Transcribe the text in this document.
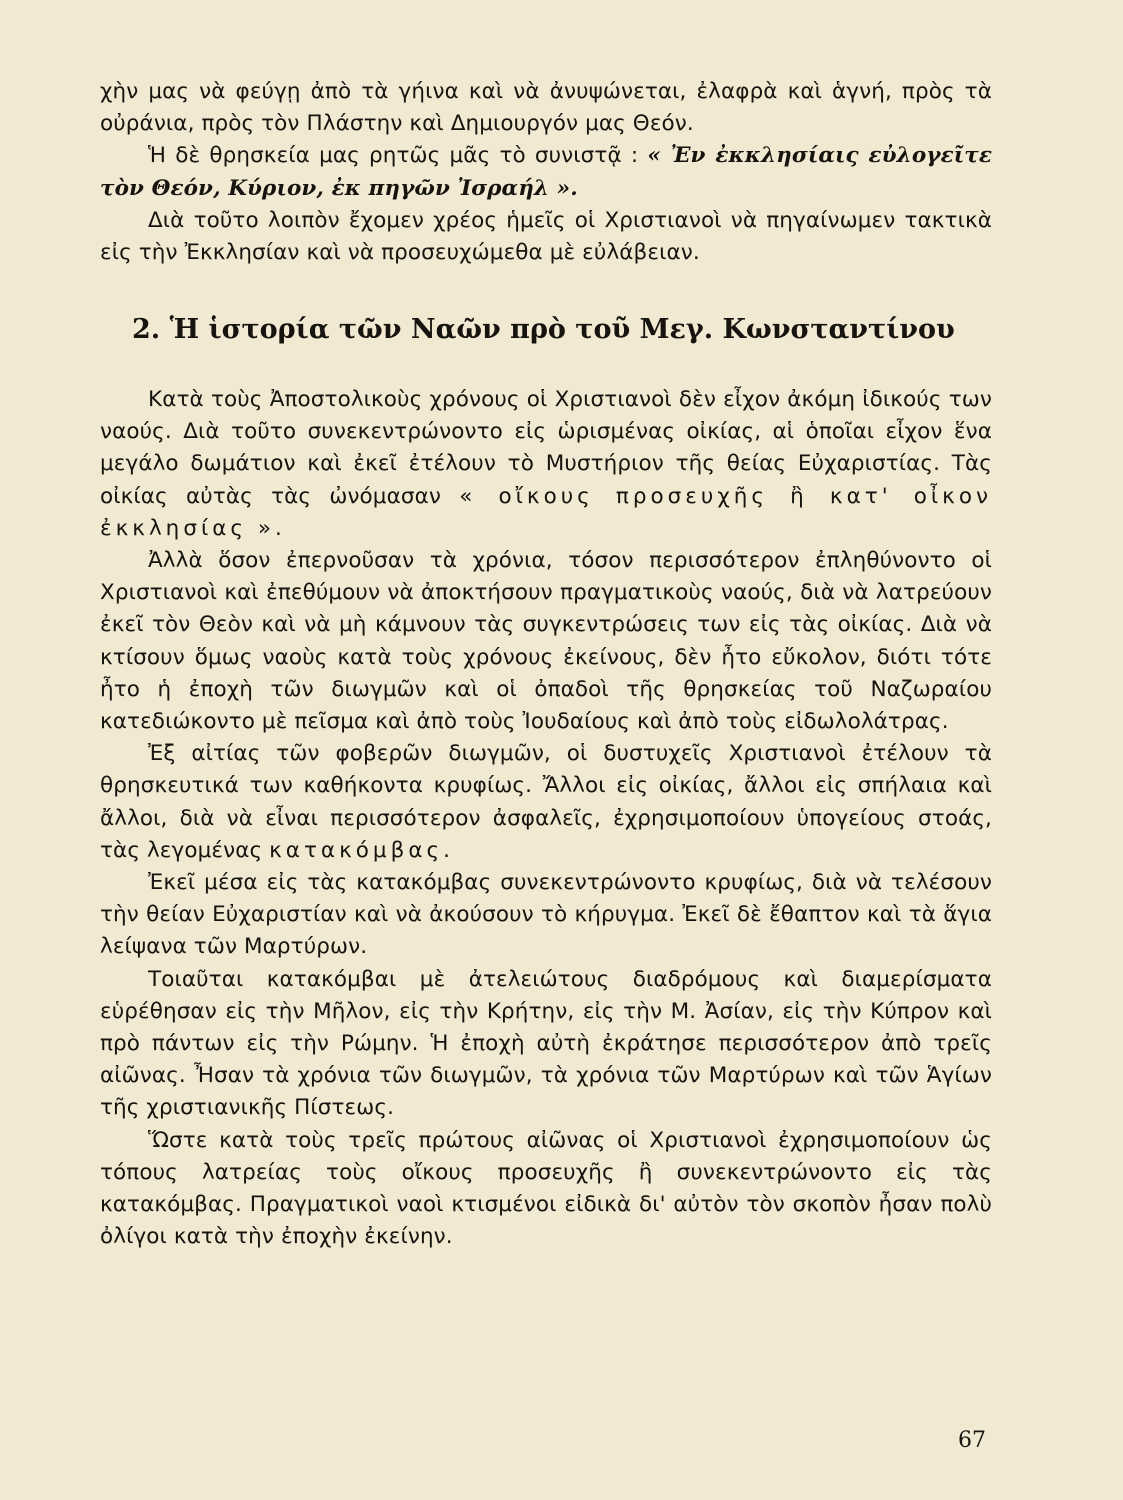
χὴν μας νὰ φεύγῃ ἀπὸ τὰ γήινα καὶ νὰ ἀνυψώνεται, ἐλαφρὰ καὶ ἁγνή, πρὸς τὰ οὐράνια, πρὸς τὸν Πλάστην καὶ Δημιουργόν μας Θεόν.

Ἡ δὲ θρησκεία μας ρητῶς μᾶς τὸ συνιστᾷ : « Ἐν ἐκκλησίαις εὐλογεῖτε τὸν Θεόν, Κύριον, ἐκ πηγῶν Ἰσραήλ ».

Διὰ τοῦτο λοιπὸν ἔχομεν χρέος ἡμεῖς οἱ Χριστιανοὶ νὰ πηγαίνωμεν τακτικὰ εἰς τὴν Ἐκκλησίαν καὶ νὰ προσευχώμεθα μὲ εὐλάβειαν.

2. Ἡ ἱστορία τῶν Ναῶν πρὸ τοῦ Μεγ. Κωνσταντίνου

Κατὰ τοὺς Ἀποστολικοὺς χρόνους οἱ Χριστιανοὶ δὲν εἶχον ἀκόμη ἰδικούς των ναούς. Διὰ τοῦτο συνεκεντρώνοντο εἰς ὡρισμένας οἰκίας, αἱ ὁποῖαι εἶχον ἕνα μεγάλο δωμάτιον καὶ ἐκεῖ ἐτέλουν τὸ Μυστήριον τῆς θείας Εὐχαριστίας. Τὰς οἰκίας αὐτὰς τὰς ὠνόμασαν « οἴκους προσευχῆς ἢ κατ' οἶκον ἐκκλησίας ».

Ἀλλὰ ὅσον ἐπερνοῦσαν τὰ χρόνια, τόσον περισσότερον ἐπληθύνοντο οἱ Χριστιανοὶ καὶ ἐπεθύμουν νὰ ἀποκτήσουν πραγματικοὺς ναούς, διὰ νὰ λατρεύουν ἐκεῖ τὸν Θεὸν καὶ νὰ μὴ κάμνουν τὰς συγκεντρώσεις των εἰς τὰς οἰκίας. Διὰ νὰ κτίσουν ὅμως ναοὺς κατὰ τοὺς χρόνους ἐκείνους, δὲν ἦτο εὔκολον, διότι τότε ἦτο ἡ ἐποχὴ τῶν διωγμῶν καὶ οἱ ὀπαδοὶ τῆς θρησκείας τοῦ Ναζωραίου κατεδιώκοντο μὲ πεῖσμα καὶ ἀπὸ τοὺς Ἰουδαίους καὶ ἀπὸ τοὺς εἰδωλολάτρας.

Ἐξ αἰτίας τῶν φοβερῶν διωγμῶν, οἱ δυστυχεῖς Χριστιανοὶ ἐτέλουν τὰ θρησκευτικά των καθήκοντα κρυφίως. Ἄλλοι εἰς οἰκίας, ἄλλοι εἰς σπήλαια καὶ ἄλλοι, διὰ νὰ εἶναι περισσότερον ἀσφαλεῖς, ἐχρησιμοποίουν ὑπογείους στοάς, τὰς λεγομένας κατακόμβας.

Ἐκεῖ μέσα εἰς τὰς κατακόμβας συνεκεντρώνοντο κρυφίως, διὰ νὰ τελέσουν τὴν θείαν Εὐχαριστίαν καὶ νὰ ἀκούσουν τὸ κήρυγμα. Ἐκεῖ δὲ ἔθαπτον καὶ τὰ ἅγια λείψανα τῶν Μαρτύρων.

Τοιαῦται κατακόμβαι μὲ ἀτελειώτους διαδρόμους καὶ διαμερίσματα εὑρέθησαν εἰς τὴν Μῆλον, εἰς τὴν Κρήτην, εἰς τὴν Μ. Ἀσίαν, εἰς τὴν Κύπρον καὶ πρὸ πάντων εἰς τὴν Ρώμην. Ἡ ἐποχὴ αὐτὴ ἐκράτησε περισσότερον ἀπὸ τρεῖς αἰῶνας. Ἦσαν τὰ χρόνια τῶν διωγμῶν, τὰ χρόνια τῶν Μαρτύρων καὶ τῶν Ἁγίων τῆς χριστιανικῆς Πίστεως.

Ὥστε κατὰ τοὺς τρεῖς πρώτους αἰῶνας οἱ Χριστιανοὶ ἐχρησιμοποίουν ὡς τόπους λατρείας τοὺς οἴκους προσευχῆς ἢ συνεκεντρώνοντο εἰς τὰς κατακόμβας. Πραγματικοὶ ναοὶ κτισμένοι εἰδικὰ δι' αὐτὸν τὸν σκοπὸν ἦσαν πολὺ ὀλίγοι κατὰ τὴν ἐποχὴν ἐκείνην.

67
